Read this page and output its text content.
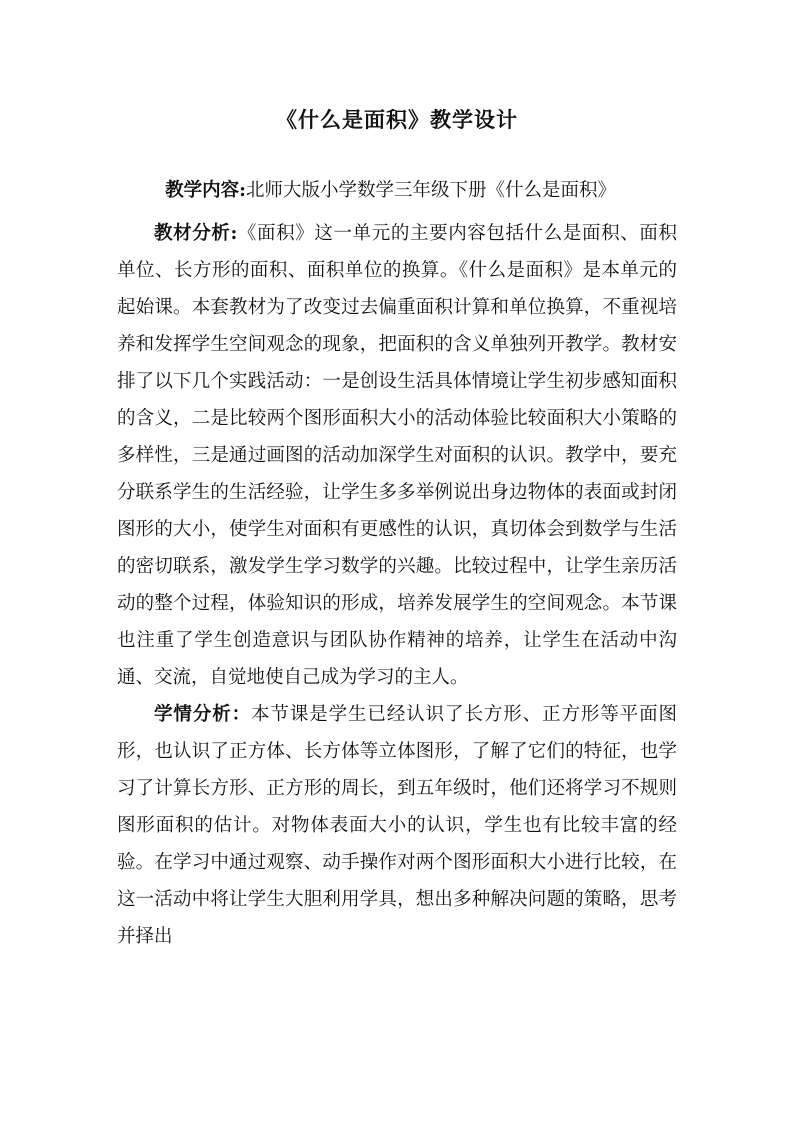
《什么是面积》教学设计

教学内容:北师大版小学数学三年级下册《什么是面积》

教材分析:《面积》这一单元的主要内容包括什么是面积、面积单位、长方形的面积、面积单位的换算。《什么是面积》是本单元的起始课。本套教材为了改变过去偏重面积计算和单位换算，不重视培养和发挥学生空间观念的现象，把面积的含义单独列开教学。教材安排了以下几个实践活动：一是创设生活具体情境让学生初步感知面积的含义，二是比较两个图形面积大小的活动体验比较面积大小策略的多样性，三是通过画图的活动加深学生对面积的认识。教学中，要充分联系学生的生活经验，让学生多多举例说出身边物体的表面或封闭图形的大小，使学生对面积有更感性的认识，真切体会到数学与生活的密切联系，激发学生学习数学的兴趣。比较过程中，让学生亲历活动的整个过程，体验知识的形成，培养发展学生的空间观念。本节课也注重了学生创造意识与团队协作精神的培养，让学生在活动中沟通、交流，自觉地使自己成为学习的主人。

学情分析：本节课是学生已经认识了长方形、正方形等平面图形，也认识了正方体、长方体等立体图形，了解了它们的特征，也学习了计算长方形、正方形的周长，到五年级时，他们还将学习不规则图形面积的估计。对物体表面大小的认识，学生也有比较丰富的经验。在学习中通过观察、动手操作对两个图形面积大小进行比较，在这一活动中将让学生大胆利用学具，想出多种解决问题的策略，思考并择出
